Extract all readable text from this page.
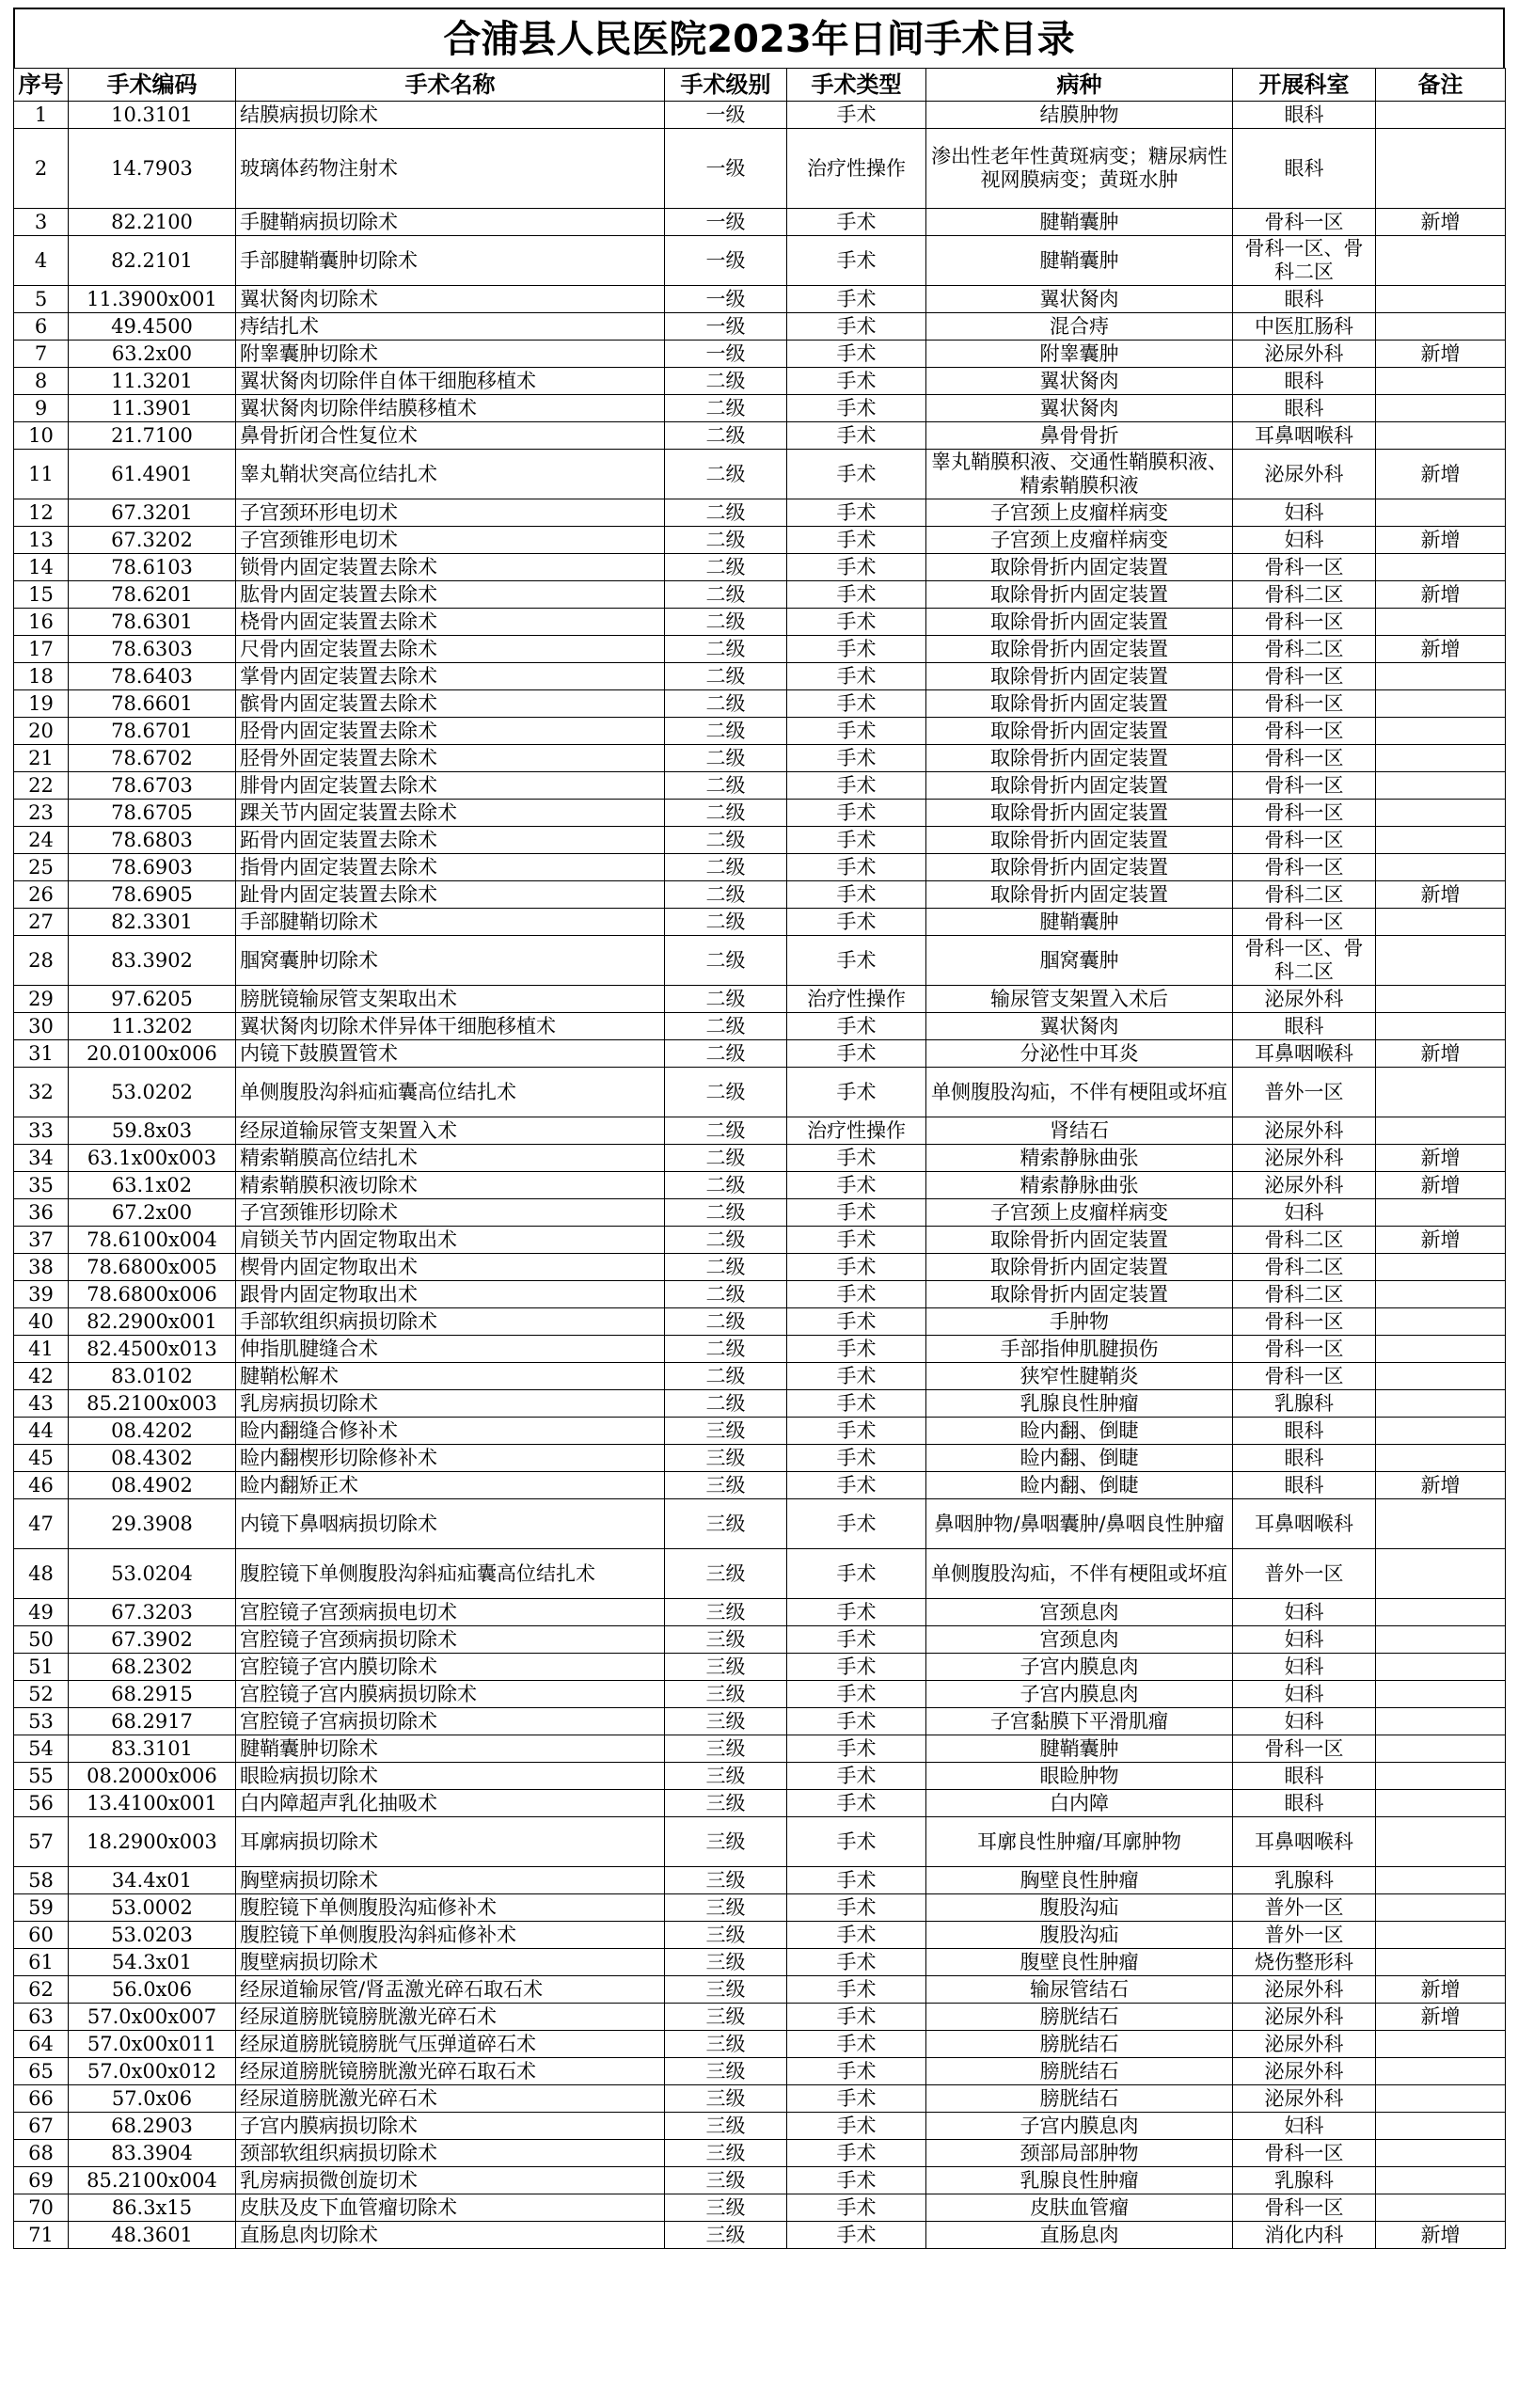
合浦县人民医院2023年日间手术目录
序号	手术编码	手术名称	手术级别	手术类型	病种	开展科室	备注
1	10.3101	结膜病损切除术	一级	手术	结膜肿物	眼科	
2	14.7903	玻璃体药物注射术	一级	治疗性操作	渗出性老年性黄斑病变；糖尿病性视网膜病变；黄斑水肿	眼科	
3	82.2100	手腱鞘病损切除术	一级	手术	腱鞘囊肿	骨科一区	新增
4	82.2101	手部腱鞘囊肿切除术	一级	手术	腱鞘囊肿	骨科一区、骨科二区	
5	11.3900x001	翼状胬肉切除术	一级	手术	翼状胬肉	眼科	
6	49.4500	痔结扎术	一级	手术	混合痔	中医肛肠科	
7	63.2x00	附睾囊肿切除术	一级	手术	附睾囊肿	泌尿外科	新增
8	11.3201	翼状胬肉切除伴自体干细胞移植术	二级	手术	翼状胬肉	眼科	
9	11.3901	翼状胬肉切除伴结膜移植术	二级	手术	翼状胬肉	眼科	
10	21.7100	鼻骨折闭合性复位术	二级	手术	鼻骨骨折	耳鼻咽喉科	
11	61.4901	睾丸鞘状突高位结扎术	二级	手术	睾丸鞘膜积液、交通性鞘膜积液、精索鞘膜积液	泌尿外科	新增
12	67.3201	子宫颈环形电切术	二级	手术	子宫颈上皮瘤样病变	妇科	
13	67.3202	子宫颈锥形电切术	二级	手术	子宫颈上皮瘤样病变	妇科	新增
14	78.6103	锁骨内固定装置去除术	二级	手术	取除骨折内固定装置	骨科一区	
15	78.6201	肱骨内固定装置去除术	二级	手术	取除骨折内固定装置	骨科二区	新增
16	78.6301	桡骨内固定装置去除术	二级	手术	取除骨折内固定装置	骨科一区	
17	78.6303	尺骨内固定装置去除术	二级	手术	取除骨折内固定装置	骨科二区	新增
18	78.6403	掌骨内固定装置去除术	二级	手术	取除骨折内固定装置	骨科一区	
19	78.6601	髌骨内固定装置去除术	二级	手术	取除骨折内固定装置	骨科一区	
20	78.6701	胫骨内固定装置去除术	二级	手术	取除骨折内固定装置	骨科一区	
21	78.6702	胫骨外固定装置去除术	二级	手术	取除骨折内固定装置	骨科一区	
22	78.6703	腓骨内固定装置去除术	二级	手术	取除骨折内固定装置	骨科一区	
23	78.6705	踝关节内固定装置去除术	二级	手术	取除骨折内固定装置	骨科一区	
24	78.6803	跖骨内固定装置去除术	二级	手术	取除骨折内固定装置	骨科一区	
25	78.6903	指骨内固定装置去除术	二级	手术	取除骨折内固定装置	骨科一区	
26	78.6905	趾骨内固定装置去除术	二级	手术	取除骨折内固定装置	骨科二区	新增
27	82.3301	手部腱鞘切除术	二级	手术	腱鞘囊肿	骨科一区	
28	83.3902	腘窝囊肿切除术	二级	手术	腘窝囊肿	骨科一区、骨科二区	
29	97.6205	膀胱镜输尿管支架取出术	二级	治疗性操作	输尿管支架置入术后	泌尿外科	
30	11.3202	翼状胬肉切除术伴异体干细胞移植术	二级	手术	翼状胬肉	眼科	
31	20.0100x006	内镜下鼓膜置管术	二级	手术	分泌性中耳炎	耳鼻咽喉科	新增
32	53.0202	单侧腹股沟斜疝疝囊高位结扎术	二级	手术	单侧腹股沟疝，不伴有梗阻或坏疽	普外一区	
33	59.8x03	经尿道输尿管支架置入术	二级	治疗性操作	肾结石	泌尿外科	
34	63.1x00x003	精索鞘膜高位结扎术	二级	手术	精索静脉曲张	泌尿外科	新增
35	63.1x02	精索鞘膜积液切除术	二级	手术	精索静脉曲张	泌尿外科	新增
36	67.2x00	子宫颈锥形切除术	二级	手术	子宫颈上皮瘤样病变	妇科	
37	78.6100x004	肩锁关节内固定物取出术	二级	手术	取除骨折内固定装置	骨科二区	新增
38	78.6800x005	楔骨内固定物取出术	二级	手术	取除骨折内固定装置	骨科二区	
39	78.6800x006	跟骨内固定物取出术	二级	手术	取除骨折内固定装置	骨科二区	
40	82.2900x001	手部软组织病损切除术	二级	手术	手肿物	骨科一区	
41	82.4500x013	伸指肌腱缝合术	二级	手术	手部指伸肌腱损伤	骨科一区	
42	83.0102	腱鞘松解术	二级	手术	狭窄性腱鞘炎	骨科一区	
43	85.2100x003	乳房病损切除术	二级	手术	乳腺良性肿瘤	乳腺科	
44	08.4202	睑内翻缝合修补术	三级	手术	睑内翻、倒睫	眼科	
45	08.4302	睑内翻楔形切除修补术	三级	手术	睑内翻、倒睫	眼科	
46	08.4902	睑内翻矫正术	三级	手术	睑内翻、倒睫	眼科	新增
47	29.3908	内镜下鼻咽病损切除术	三级	手术	鼻咽肿物/鼻咽囊肿/鼻咽良性肿瘤	耳鼻咽喉科	
48	53.0204	腹腔镜下单侧腹股沟斜疝疝囊高位结扎术	三级	手术	单侧腹股沟疝，不伴有梗阻或坏疽	普外一区	
49	67.3203	宫腔镜子宫颈病损电切术	三级	手术	宫颈息肉	妇科	
50	67.3902	宫腔镜子宫颈病损切除术	三级	手术	宫颈息肉	妇科	
51	68.2302	宫腔镜子宫内膜切除术	三级	手术	子宫内膜息肉	妇科	
52	68.2915	宫腔镜子宫内膜病损切除术	三级	手术	子宫内膜息肉	妇科	
53	68.2917	宫腔镜子宫病损切除术	三级	手术	子宫黏膜下平滑肌瘤	妇科	
54	83.3101	腱鞘囊肿切除术	三级	手术	腱鞘囊肿	骨科一区	
55	08.2000x006	眼睑病损切除术	三级	手术	眼睑肿物	眼科	
56	13.4100x001	白内障超声乳化抽吸术	三级	手术	白内障	眼科	
57	18.2900x003	耳廓病损切除术	三级	手术	耳廓良性肿瘤/耳廓肿物	耳鼻咽喉科	
58	34.4x01	胸壁病损切除术	三级	手术	胸壁良性肿瘤	乳腺科	
59	53.0002	腹腔镜下单侧腹股沟疝修补术	三级	手术	腹股沟疝	普外一区	
60	53.0203	腹腔镜下单侧腹股沟斜疝修补术	三级	手术	腹股沟疝	普外一区	
61	54.3x01	腹壁病损切除术	三级	手术	腹壁良性肿瘤	烧伤整形科	
62	56.0x06	经尿道输尿管/肾盂激光碎石取石术	三级	手术	输尿管结石	泌尿外科	新增
63	57.0x00x007	经尿道膀胱镜膀胱激光碎石术	三级	手术	膀胱结石	泌尿外科	新增
64	57.0x00x011	经尿道膀胱镜膀胱气压弹道碎石术	三级	手术	膀胱结石	泌尿外科	
65	57.0x00x012	经尿道膀胱镜膀胱激光碎石取石术	三级	手术	膀胱结石	泌尿外科	
66	57.0x06	经尿道膀胱激光碎石术	三级	手术	膀胱结石	泌尿外科	
67	68.2903	子宫内膜病损切除术	三级	手术	子宫内膜息肉	妇科	
68	83.3904	颈部软组织病损切除术	三级	手术	颈部局部肿物	骨科一区	
69	85.2100x004	乳房病损微创旋切术	三级	手术	乳腺良性肿瘤	乳腺科	
70	86.3x15	皮肤及皮下血管瘤切除术	三级	手术	皮肤血管瘤	骨科一区	
71	48.3601	直肠息肉切除术	三级	手术	直肠息肉	消化内科	新增
